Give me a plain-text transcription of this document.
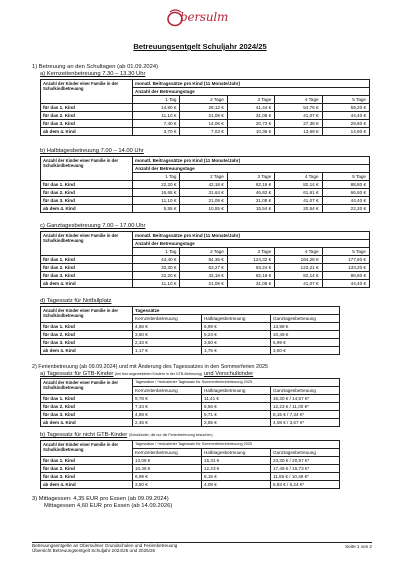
bersulm
Betreuungsentgelt Schuljahr 2024/25
1) Betreuung an den Schultagen (ab 01.09.2024)
a) Kernzeitenbetreuung 7.30 – 13.30 Uhr
Anzahl der Kinder einer Familie in der Schulkindbetreuung	monatl. Beitragssätze pro Kind (11 Monate/Jahr)				
	Anzahl der Betreuungstage				
	1 Tag	2 Tage	3 Tage	4 Tage	5 Tage
für das 1. Kind	14,80 €	28,12 €	41,44 €	54,76 €	59,20 €
für das 2. Kind	11,10 €	21,09 €	31,08 €	41,07 €	44,40 €
für das 3. Kind	7,40 €	14,06 €	20,72 €	27,38 €	29,60 €
ab dem 4. Kind	3,70 €	7,03 €	10,36 €	13,69 €	14,80 €
b) Halbtagesbetreuung 7.00 – 14.00 Uhr
Anzahl der Kinder einer Familie in der Schulkindbetreuung	monatl. Beitragssätze pro Kind (11 Monate/Jahr)				
	Anzahl der Betreuungstage				
	1 Tag	2 Tage	3 Tage	4 Tage	5 Tage
für das 1. Kind	22,20 €	42,18 €	62,16 €	82,14 €	88,80 €
für das 2. Kind	16,65 €	31,64 €	46,62 €	61,61 €	66,60 €
für das 3. Kind	11,10 €	21,09 €	31,08 €	41,07 €	44,40 €
ab dem 4. Kind	5,55 €	10,55 €	15,54 €	20,54 €	22,20 €
c) Ganztagesbetreuung 7.00 – 17.00 Uhr
Anzahl der Kinder einer Familie in der Schulkindbetreuung	monatl. Beitragssätze pro Kind (11 Monate/Jahr)				
	Anzahl der Betreuungstage				
	1 Tag	2 Tage	3 Tage	4 Tage	5 Tage
für das 1. Kind	44,40 €	84,36 €	124,32 €	164,28 €	177,60 €
für das 2. Kind	33,30 €	63,27 €	93,24 €	123,21 €	133,20 €
für das 3. Kind	22,20 €	42,18 €	62,16 €	82,14 €	88,80 €
ab dem 4. Kind	11,10 €	21,09 €	31,08 €	41,07 €	44,40 €
d) Tagessatz für Notfallplatz
Anzahl der Kinder einer Familie in der Schulkindbetreuung	Tagessätze		
	Kernzeitenbetreuung	Halbtagesbetreuung	Ganztagesbetreuung
für das 1. Kind	4,66 €	6,99 €	13,98 €
für das 2. Kind	3,50 €	5,24 €	10,49 €
für das 3. Kind	2,33 €	3,50 €	6,99 €
ab dem 4. Kind	1,17 €	1,75 €	3,50 €
2) Ferienbetreuung (ab 09.09.2024) und mit Änderung des Tagessatzes in den Sommerferien 2025
a) Tagessatz für GTB-Kinder (bei fest angemeldeten Kindern in der GTB-Betreuung) und Vorschulkinder
Anzahl der Kinder einer Familie in der Schulkindbetreuung	Tagessätze / *reduzierter Tagessatz für Sommerferienbetreuung 2025		
	Kernzeitenbetreuung	Halbtagesbetreuung	Ganztagesbetreuung
für das 1. Kind	9,78 €	11,41 €	16,30 € / 14,67 €*
für das 2. Kind	7,34 €	8,56 €	12,23 € / 11,00 €*
für das 3. Kind	4,89 €	5,71 €	8,15 € / 7,34 €*
ab dem 4. Kind	2,45 €	2,85 €	4,08 € / 3,67 €*
b) Tagessatz für nicht GTB-Kinder (Schulkinder, die nur die Ferienbetreuung besuchen)
Anzahl der Kinder einer Familie in der Schulkindbetreuung	Tagessätze / *reduzierter Tagessatz für Sommerferienbetreuung 2025		
	Kernzeitenbetreuung	Halbtagesbetreuung	Ganztagesbetreuung
für das 1. Kind	13,08 €	15,31 €	23,30 € / 20,97 €*
für das 2. Kind	10,46 €	12,23 €	17,48 € / 15,73 €*
für das 3. Kind	6,99 €	8,15 €	11,65 € / 10,49 €*
ab dem 4. Kind	3,50 €	4,08 €	5,83 € / 5,24 €*
3) Mittagessen: 4,35 EUR pro Essen (ab 09.09.2024)
Mittagessen 4,60 EUR pro Essen (ab 14.09.2026)
Betreuungsentgelte an Obersulmer Grundschulen und Ferienbetreuung
Übersicht Betreuungsentgelt Schuljahr 2024/25 und 2025/26
Seite 1 von 2
